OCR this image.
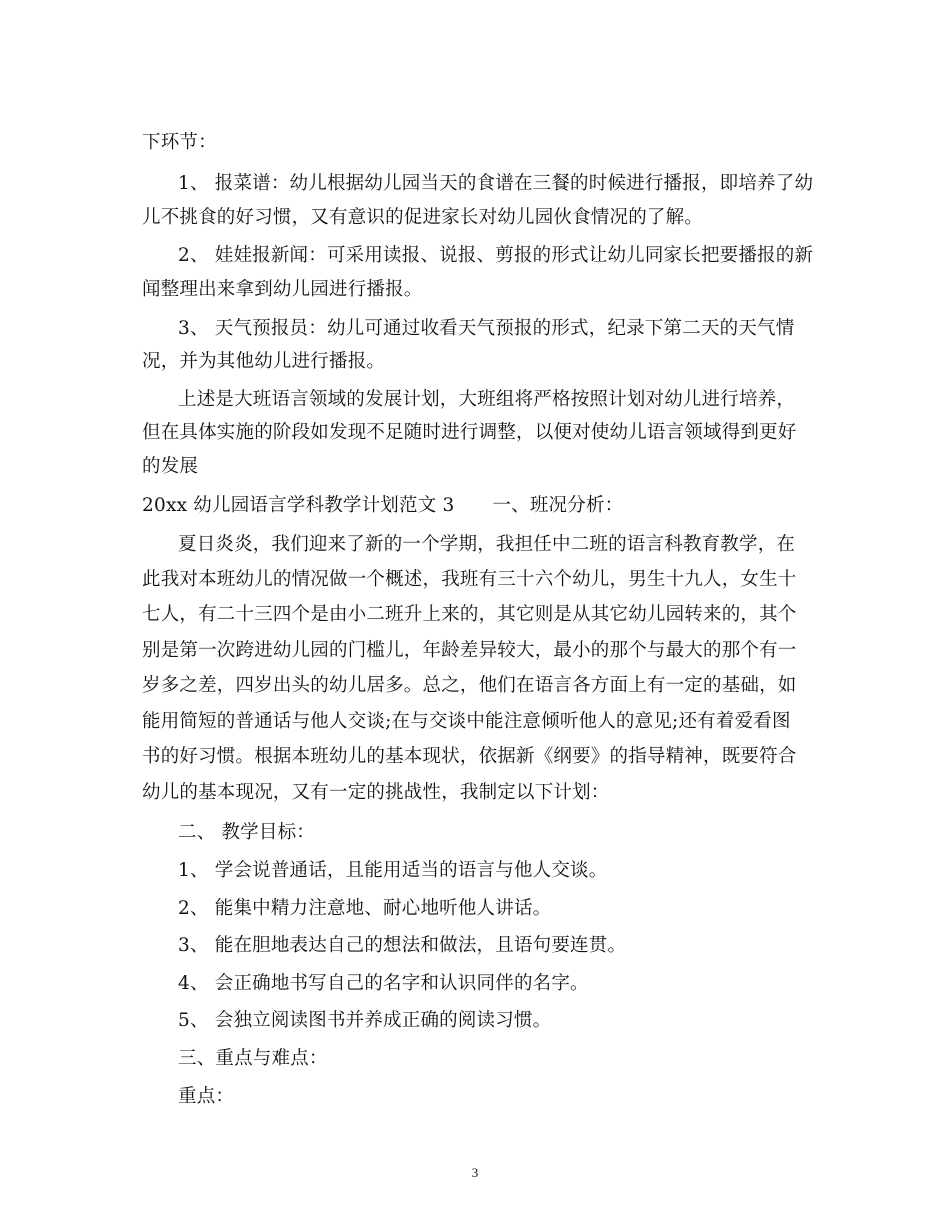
下环节：
1、 报菜谱：幼儿根据幼儿园当天的食谱在三餐的时候进行播报，即培养了幼
儿不挑食的好习惯，又有意识的促进家长对幼儿园伙食情况的了解。
2、 娃娃报新闻：可采用读报、说报、剪报的形式让幼儿同家长把要播报的新
闻整理出来拿到幼儿园进行播报。
3、 天气预报员：幼儿可通过收看天气预报的形式，纪录下第二天的天气情
况，并为其他幼儿进行播报。
上述是大班语言领域的发展计划，大班组将严格按照计划对幼儿进行培养，
但在具体实施的阶段如发现不足随时进行调整，以便对使幼儿语言领域得到更好
的发展
20xx 幼儿园语言学科教学计划范文 3 一、班况分析：
夏日炎炎，我们迎来了新的一个学期，我担任中二班的语言科教育教学，在
此我对本班幼儿的情况做一个概述，我班有三十六个幼儿，男生十九人，女生十
七人，有二十三四个是由小二班升上来的，其它则是从其它幼儿园转来的，其个
别是第一次跨进幼儿园的门槛儿，年龄差异较大，最小的那个与最大的那个有一
岁多之差，四岁出头的幼儿居多。总之，他们在语言各方面上有一定的基础，如
能用简短的普通话与他人交谈;在与交谈中能注意倾听他人的意见;还有着爱看图
书的好习惯。根据本班幼儿的基本现状，依据新《纲要》的指导精神，既要符合
幼儿的基本现况，又有一定的挑战性，我制定以下计划：
二、 教学目标：
1、 学会说普通话，且能用适当的语言与他人交谈。
2、 能集中精力注意地、耐心地听他人讲话。
3、 能在胆地表达自己的想法和做法，且语句要连贯。
4、 会正确地书写自己的名字和认识同伴的名字。
5、 会独立阅读图书并养成正确的阅读习惯。
三、重点与难点：
重点：
3
